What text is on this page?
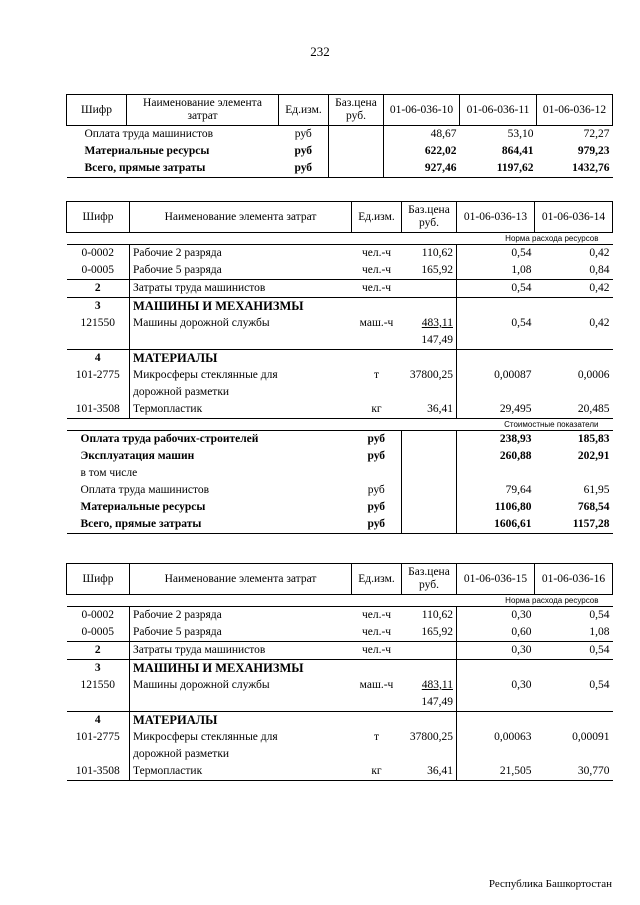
232
Шифр	Наименование элемента затрат	Ед.изм.	Баз.цена руб.	01-06-036-10	01-06-036-11	01-06-036-12
Оплата труда машинистов		руб		48,67	53,10	72,27
Материальные ресурсы		руб		622,02	864,41	979,23
Всего, прямые затраты		руб		927,46	1197,62	1432,76
Шифр	Наименование элемента затрат	Ед.изм.	Баз.цена руб.	01-06-036-13	01-06-036-14
Норма расхода ресурсов					
0-0002	Рабочие 2 разряда	чел.-ч	110,62	0,54	0,42
0-0005	Рабочие 5 разряда	чел.-ч	165,92	1,08	0,84
2	Затраты труда машинистов	чел.-ч		0,54	0,42
3	МАШИНЫ И МЕХАНИЗМЫ				
121550	Машины дорожной службы	маш.-ч	483,11	0,54	0,42
			147,49		
4	МАТЕРИАЛЫ				
101-2775	Микросферы стеклянные для	т	37800,25	0,00087	0,0006
	дорожной разметки				
101-3508	Термопластик	кг	36,41	29,495	20,485
Стоимостные показатели					
Оплата труда рабочих-строителей		руб		238,93	185,83
Эксплуатация машин		руб		260,88	202,91
в том числе					
Оплата труда машинистов		руб		79,64	61,95
Материальные ресурсы		руб		1106,80	768,54
Всего, прямые затраты		руб		1606,61	1157,28
Шифр	Наименование элемента затрат	Ед.изм.	Баз.цена руб.	01-06-036-15	01-06-036-16
Норма расхода ресурсов					
0-0002	Рабочие 2 разряда	чел.-ч	110,62	0,30	0,54
0-0005	Рабочие 5 разряда	чел.-ч	165,92	0,60	1,08
2	Затраты труда машинистов	чел.-ч		0,30	0,54
3	МАШИНЫ И МЕХАНИЗМЫ				
121550	Машины дорожной службы	маш.-ч	483,11	0,30	0,54
			147,49		
4	МАТЕРИАЛЫ				
101-2775	Микросферы стеклянные для	т	37800,25	0,00063	0,00091
	дорожной разметки				
101-3508	Термопластик	кг	36,41	21,505	30,770
Республика Башкортостан
